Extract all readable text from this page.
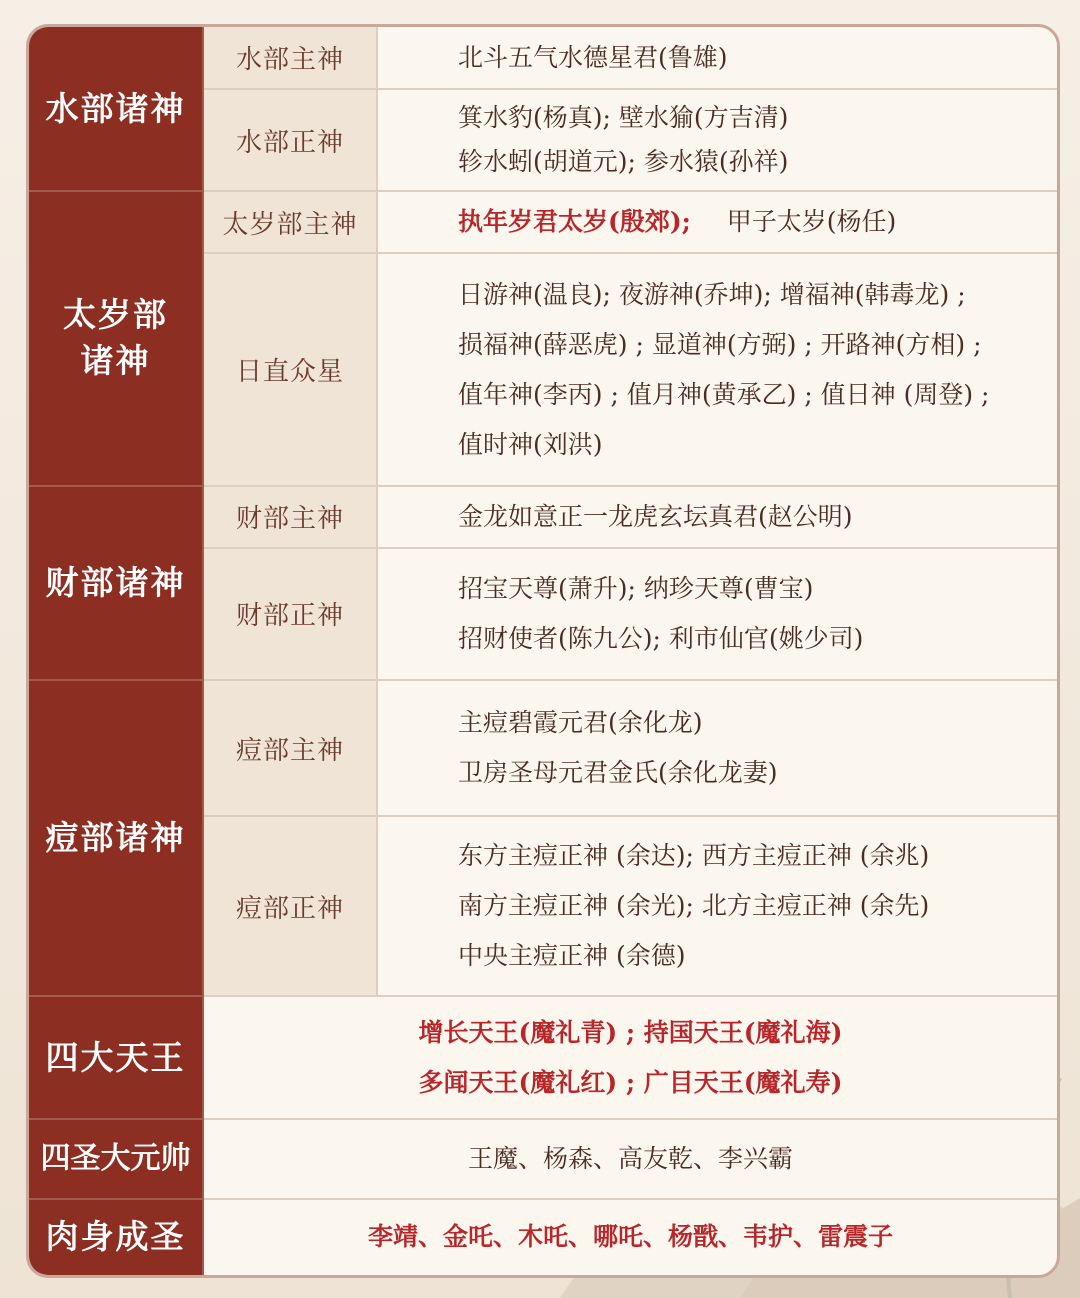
水部诸神	水部主神	北斗五气水德星君(鲁雄)

	水部正神	箕水豹(杨真); 壁水㺄(方吉清)
轸水蚓(胡道元); 参水猿(孙祥)

太岁部
诸神	太岁部主神	执年岁君太岁(殷郊); 甲子太岁(杨任)

	日直众星	日游神(温良); 夜游神(乔坤); 增福神(韩毒龙) ;
损福神(薛恶虎) ; 显道神(方弼) ; 开路神(方相) ;
值年神(李丙) ; 值月神(黄承乙) ; 值日神 (周登) ;
值时神(刘洪)

财部诸神	财部主神	金龙如意正一龙虎玄坛真君(赵公明)

	财部正神	招宝天尊(萧升); 纳珍天尊(曹宝)
招财使者(陈九公); 利市仙官(姚少司)

痘部诸神	痘部主神	主痘碧霞元君(余化龙)
卫房圣母元君金氏(余化龙妻)

	痘部正神	东方主痘正神 (余达); 西方主痘正神 (余兆)
南方主痘正神 (余光); 北方主痘正神 (余先)
中央主痘正神 (余德)

四大天王	增长天王(魔礼青) ; 持国天王(魔礼海)
多闻天王(魔礼红) ; 广目天王(魔礼寿)	

四圣大元帅	王魔、杨森、高友乾、李兴霸	

肉身成圣	李靖、金吒、木吒、哪吒、杨戬、韦护、雷震子	
